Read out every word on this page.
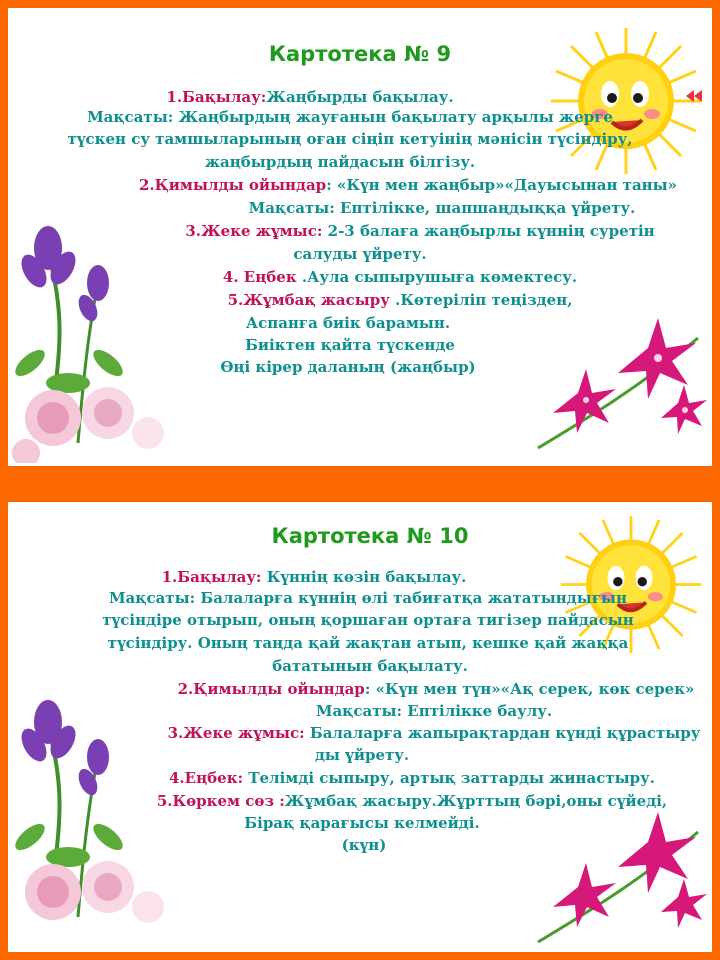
Картотека № 9
1.Бақылау:Жаңбырды бақылау.
Мақсаты: Жаңбырдың жауғанын бақылату арқылы жерге
түскен су тамшыларының оған сіңіп кетуінің мәнісін түсіндіру,
жаңбырдың пайдасын білгізу.
2.Қимылды ойындар: «Күн мен жаңбыр»«Дауысынан таны»
Мақсаты: Ептілікке, шапшаңдыққа үйрету.
3.Жеке жұмыс: 2-3 балаға жаңбырлы күннің суретін
салуды үйрету.
4. Еңбек .Аула сыпырушыға көмектесу.
5.Жұмбақ жасыру .Көтеріліп теңізден,
Аспанға биік барамын.
Биіктен қайта түскенде
Өңі кірер даланың (жаңбыр)
Картотека № 10
1.Бақылау: Күннің көзін бақылау.
Мақсаты: Балаларға күннің өлі табиғатқа жататындығын
түсіндіре отырып, оның қоршаған ортаға тигізер пайдасын
түсіндіру. Оның таңда қай жақтан атып, кешке қай жаққа
бататынын бақылату.
2.Қимылды ойындар: «Күн мен түн»«Ақ серек, көк серек»
Мақсаты: Ептілікке баулу.
3.Жеке жұмыс: Балаларға жапырақтардан күнді құрастыру
ды үйрету.
4.Еңбек: Телімді сыпыру, артық заттарды жинастыру.
5.Көркем сөз :Жұмбақ жасыру.Жұрттың бәрі,оны сүйеді,
Бірақ қарағысы келмейді.
(күн)
